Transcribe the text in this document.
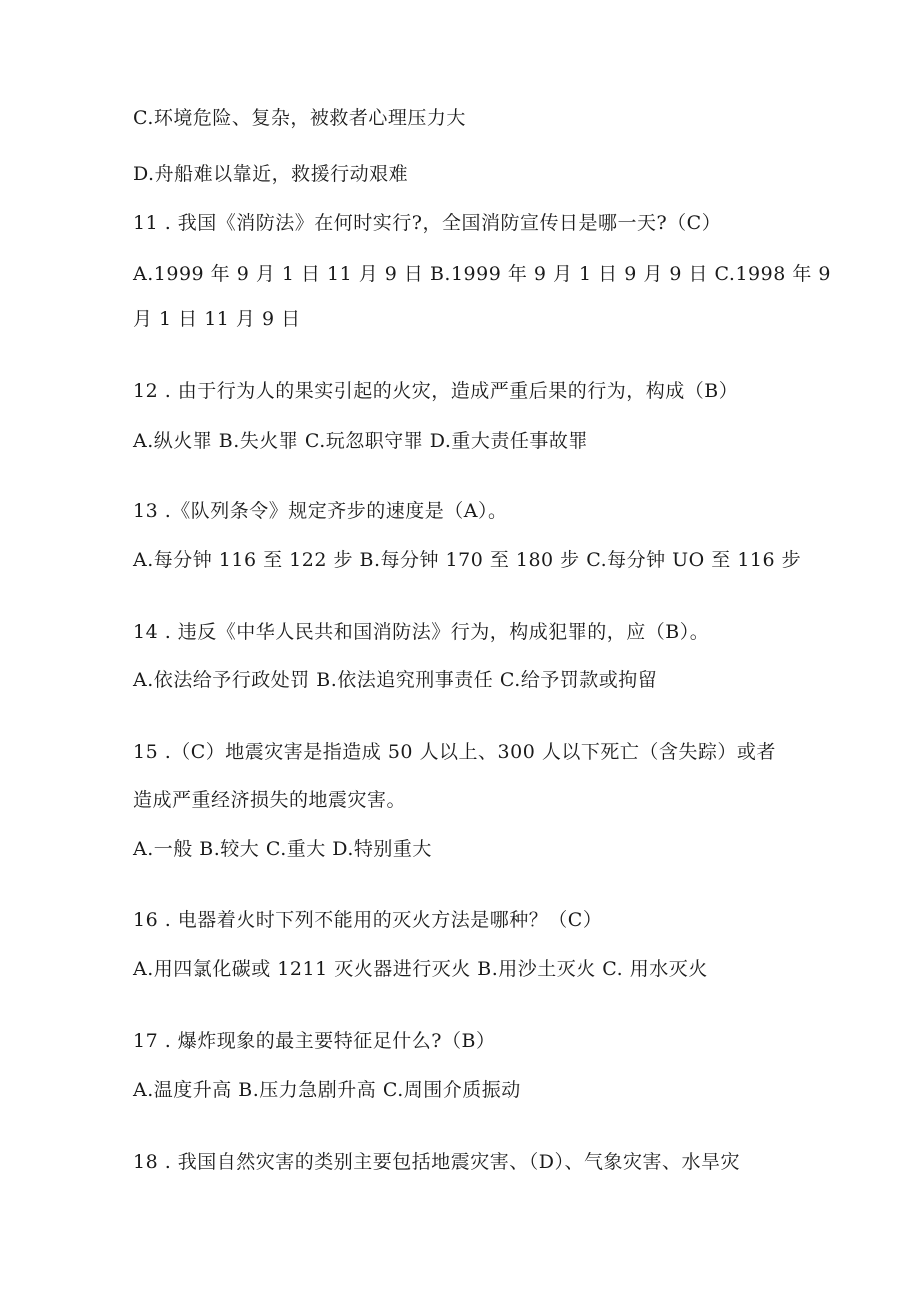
C.环境危险、复杂，被救者心理压力大
D.舟船难以靠近，救援行动艰难
11 . 我国《消防法》在何时实行?，全国消防宣传日是哪一天?（C）
A.1999 年 9 月 1 日 11 月 9 日 B.1999 年 9 月 1 日 9 月 9 日 C.1998 年 9
月 1 日 11 月 9 日
12 . 由于行为人的果实引起的火灾，造成严重后果的行为，构成（B）
A.纵火罪 B.失火罪 C.玩忽职守罪 D.重大责任事故罪
13 .《队列条令》规定齐步的速度是（A）。
A.每分钟 116 至 122 步 B.每分钟 170 至 180 步 C.每分钟 UO 至 116 步
14 . 违反《中华人民共和国消防法》行为，构成犯罪的，应（B）。
A.依法给予行政处罚 B.依法追究刑事责任 C.给予罚款或拘留
15 .（C）地震灾害是指造成 50 人以上、300 人以下死亡（含失踪）或者
造成严重经济损失的地震灾害。
A.一般 B.较大 C.重大 D.特别重大
16 . 电器着火时下列不能用的灭火方法是哪种？（C）
A.用四氯化碳或 1211 灭火器进行灭火 B.用沙土灭火 C. 用水灭火
17 . 爆炸现象的最主要特征足什么?（B）
A.温度升高 B.压力急剧升高 C.周围介质振动
18 . 我国自然灾害的类别主要包括地震灾害、（D）、气象灾害、水旱灾
